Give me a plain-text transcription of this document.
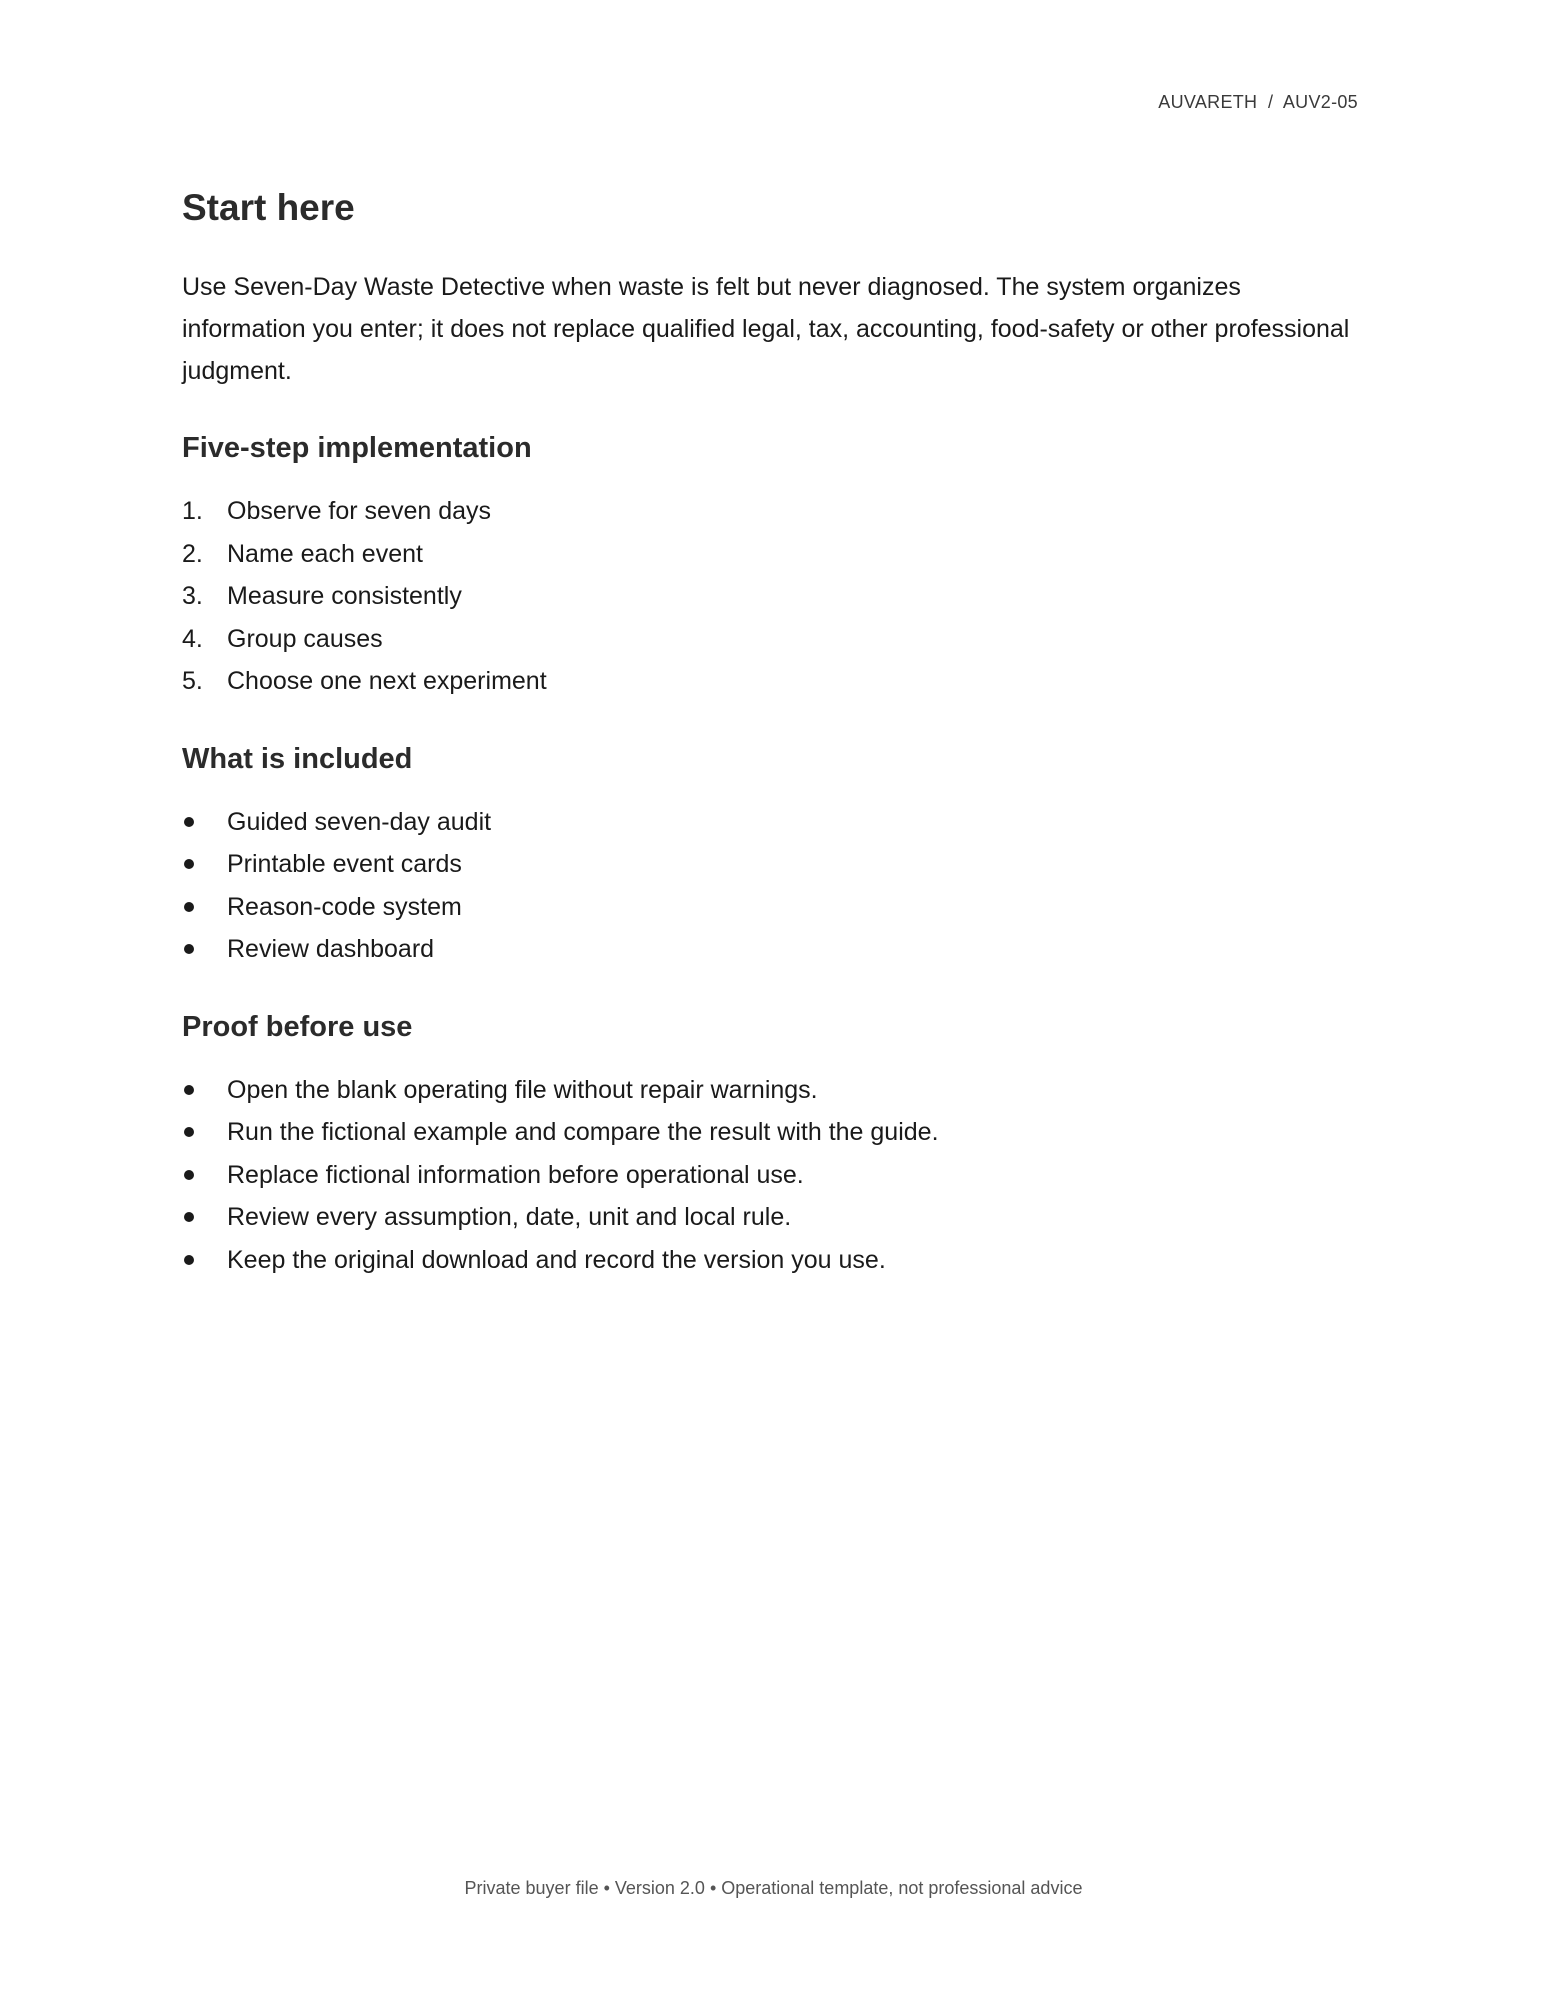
AUVARETH  /  AUV2-05
Start here

Use Seven-Day Waste Detective when waste is felt but never diagnosed. The system organizes information you enter; it does not replace qualified legal, tax, accounting, food-safety or other professional judgment.

Five-step implementation
1. Observe for seven days
2. Name each event
3. Measure consistently
4. Group causes
5. Choose one next experiment
What is included
Guided seven-day audit
Printable event cards
Reason-code system
Review dashboard
Proof before use
Open the blank operating file without repair warnings.
Run the fictional example and compare the result with the guide.
Replace fictional information before operational use.
Review every assumption, date, unit and local rule.
Keep the original download and record the version you use.
Private buyer file • Version 2.0 • Operational template, not professional advice
